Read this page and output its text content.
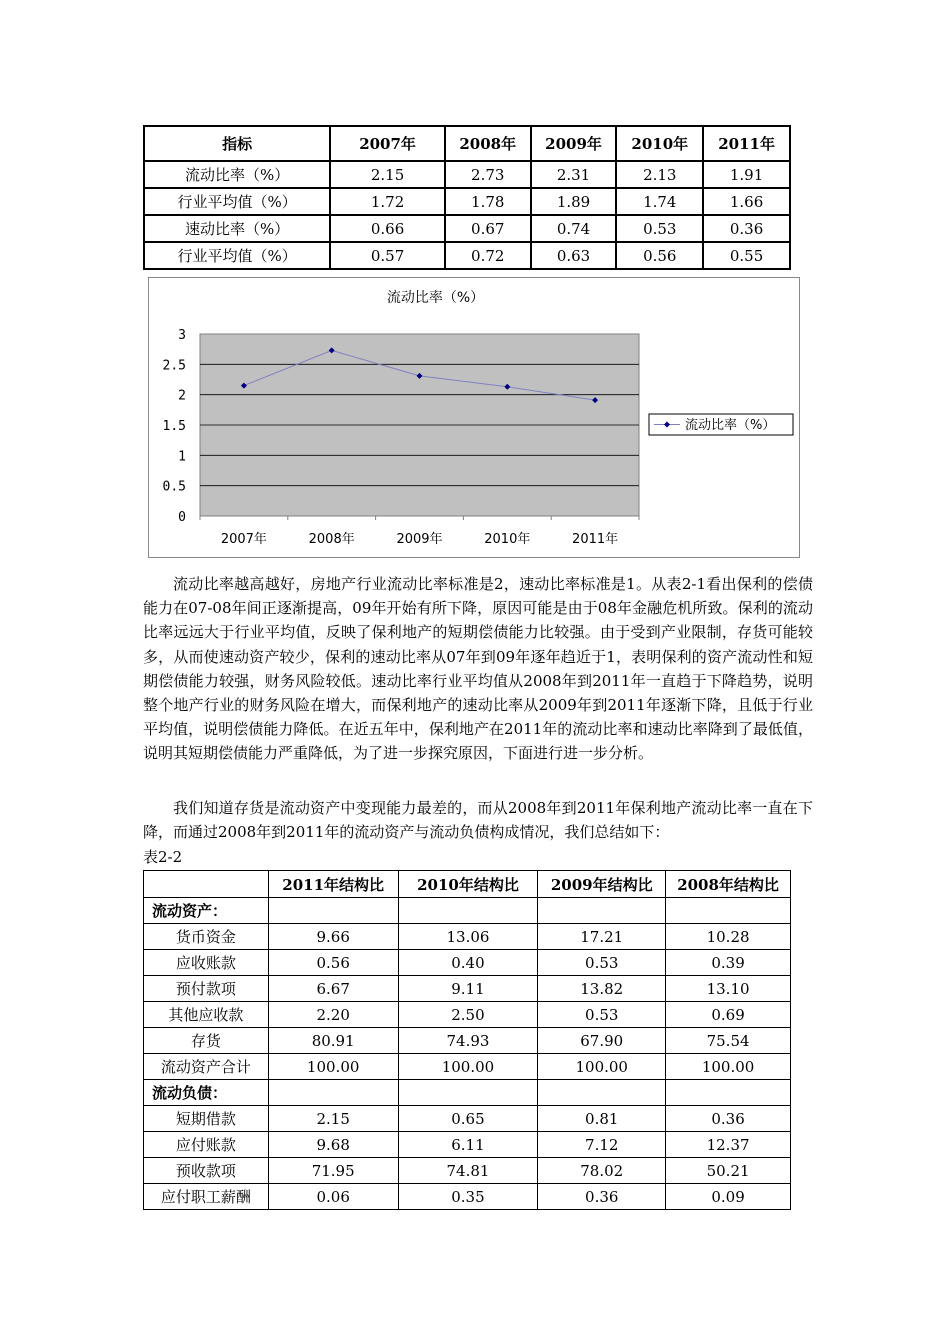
指标	2007年	2008年	2009年	2010年	2011年
流动比率（%）	2.15	2.73	2.31	2.13	1.91
行业平均值（%）	1.72	1.78	1.89	1.74	1.66
速动比率（%）	0.66	0.67	0.74	0.53	0.36
行业平均值（%）	0.57	0.72	0.63	0.56	0.55
流动比率（%）
0
0.5
1
1.5
2
2.5
3
2007年	2008年	2009年	2010年	2011年
流动比率（%）

流动比率越高越好，房地产行业流动比率标准是2，速动比率标准是1。从表2-1看出保利的偿债能力在07-08年间正逐渐提高，09年开始有所下降，原因可能是由于08年金融危机所致。保利的流动比率远远大于行业平均值，反映了保利地产的短期偿债能力比较强。由于受到产业限制，存货可能较多，从而使速动资产较少，保利的速动比率从07年到09年逐年趋近于1，表明保利的资产流动性和短期偿债能力较强，财务风险较低。速动比率行业平均值从2008年到2011年一直趋于下降趋势，说明整个地产行业的财务风险在增大，而保利地产的速动比率从2009年到2011年逐渐下降，且低于行业平均值，说明偿债能力降低。在近五年中，保利地产在2011年的流动比率和速动比率降到了最低值，说明其短期偿债能力严重降低，为了进一步探究原因，下面进行进一步分析。

我们知道存货是流动资产中变现能力最差的，而从2008年到2011年保利地产流动比率一直在下降，而通过2008年到2011年的流动资产与流动负债构成情况，我们总结如下：

表2-2

	2011年结构比	2010年结构比	2009年结构比	2008年结构比
流动资产：				
货币资金	9.66	13.06	17.21	10.28
应收账款	0.56	0.40	0.53	0.39
预付款项	6.67	9.11	13.82	13.10
其他应收款	2.20	2.50	0.53	0.69
存货	80.91	74.93	67.90	75.54
流动资产合计	100.00	100.00	100.00	100.00
流动负债：				
短期借款	2.15	0.65	0.81	0.36
应付账款	9.68	6.11	7.12	12.37
预收款项	71.95	74.81	78.02	50.21
应付职工薪酬	0.06	0.35	0.36	0.09
